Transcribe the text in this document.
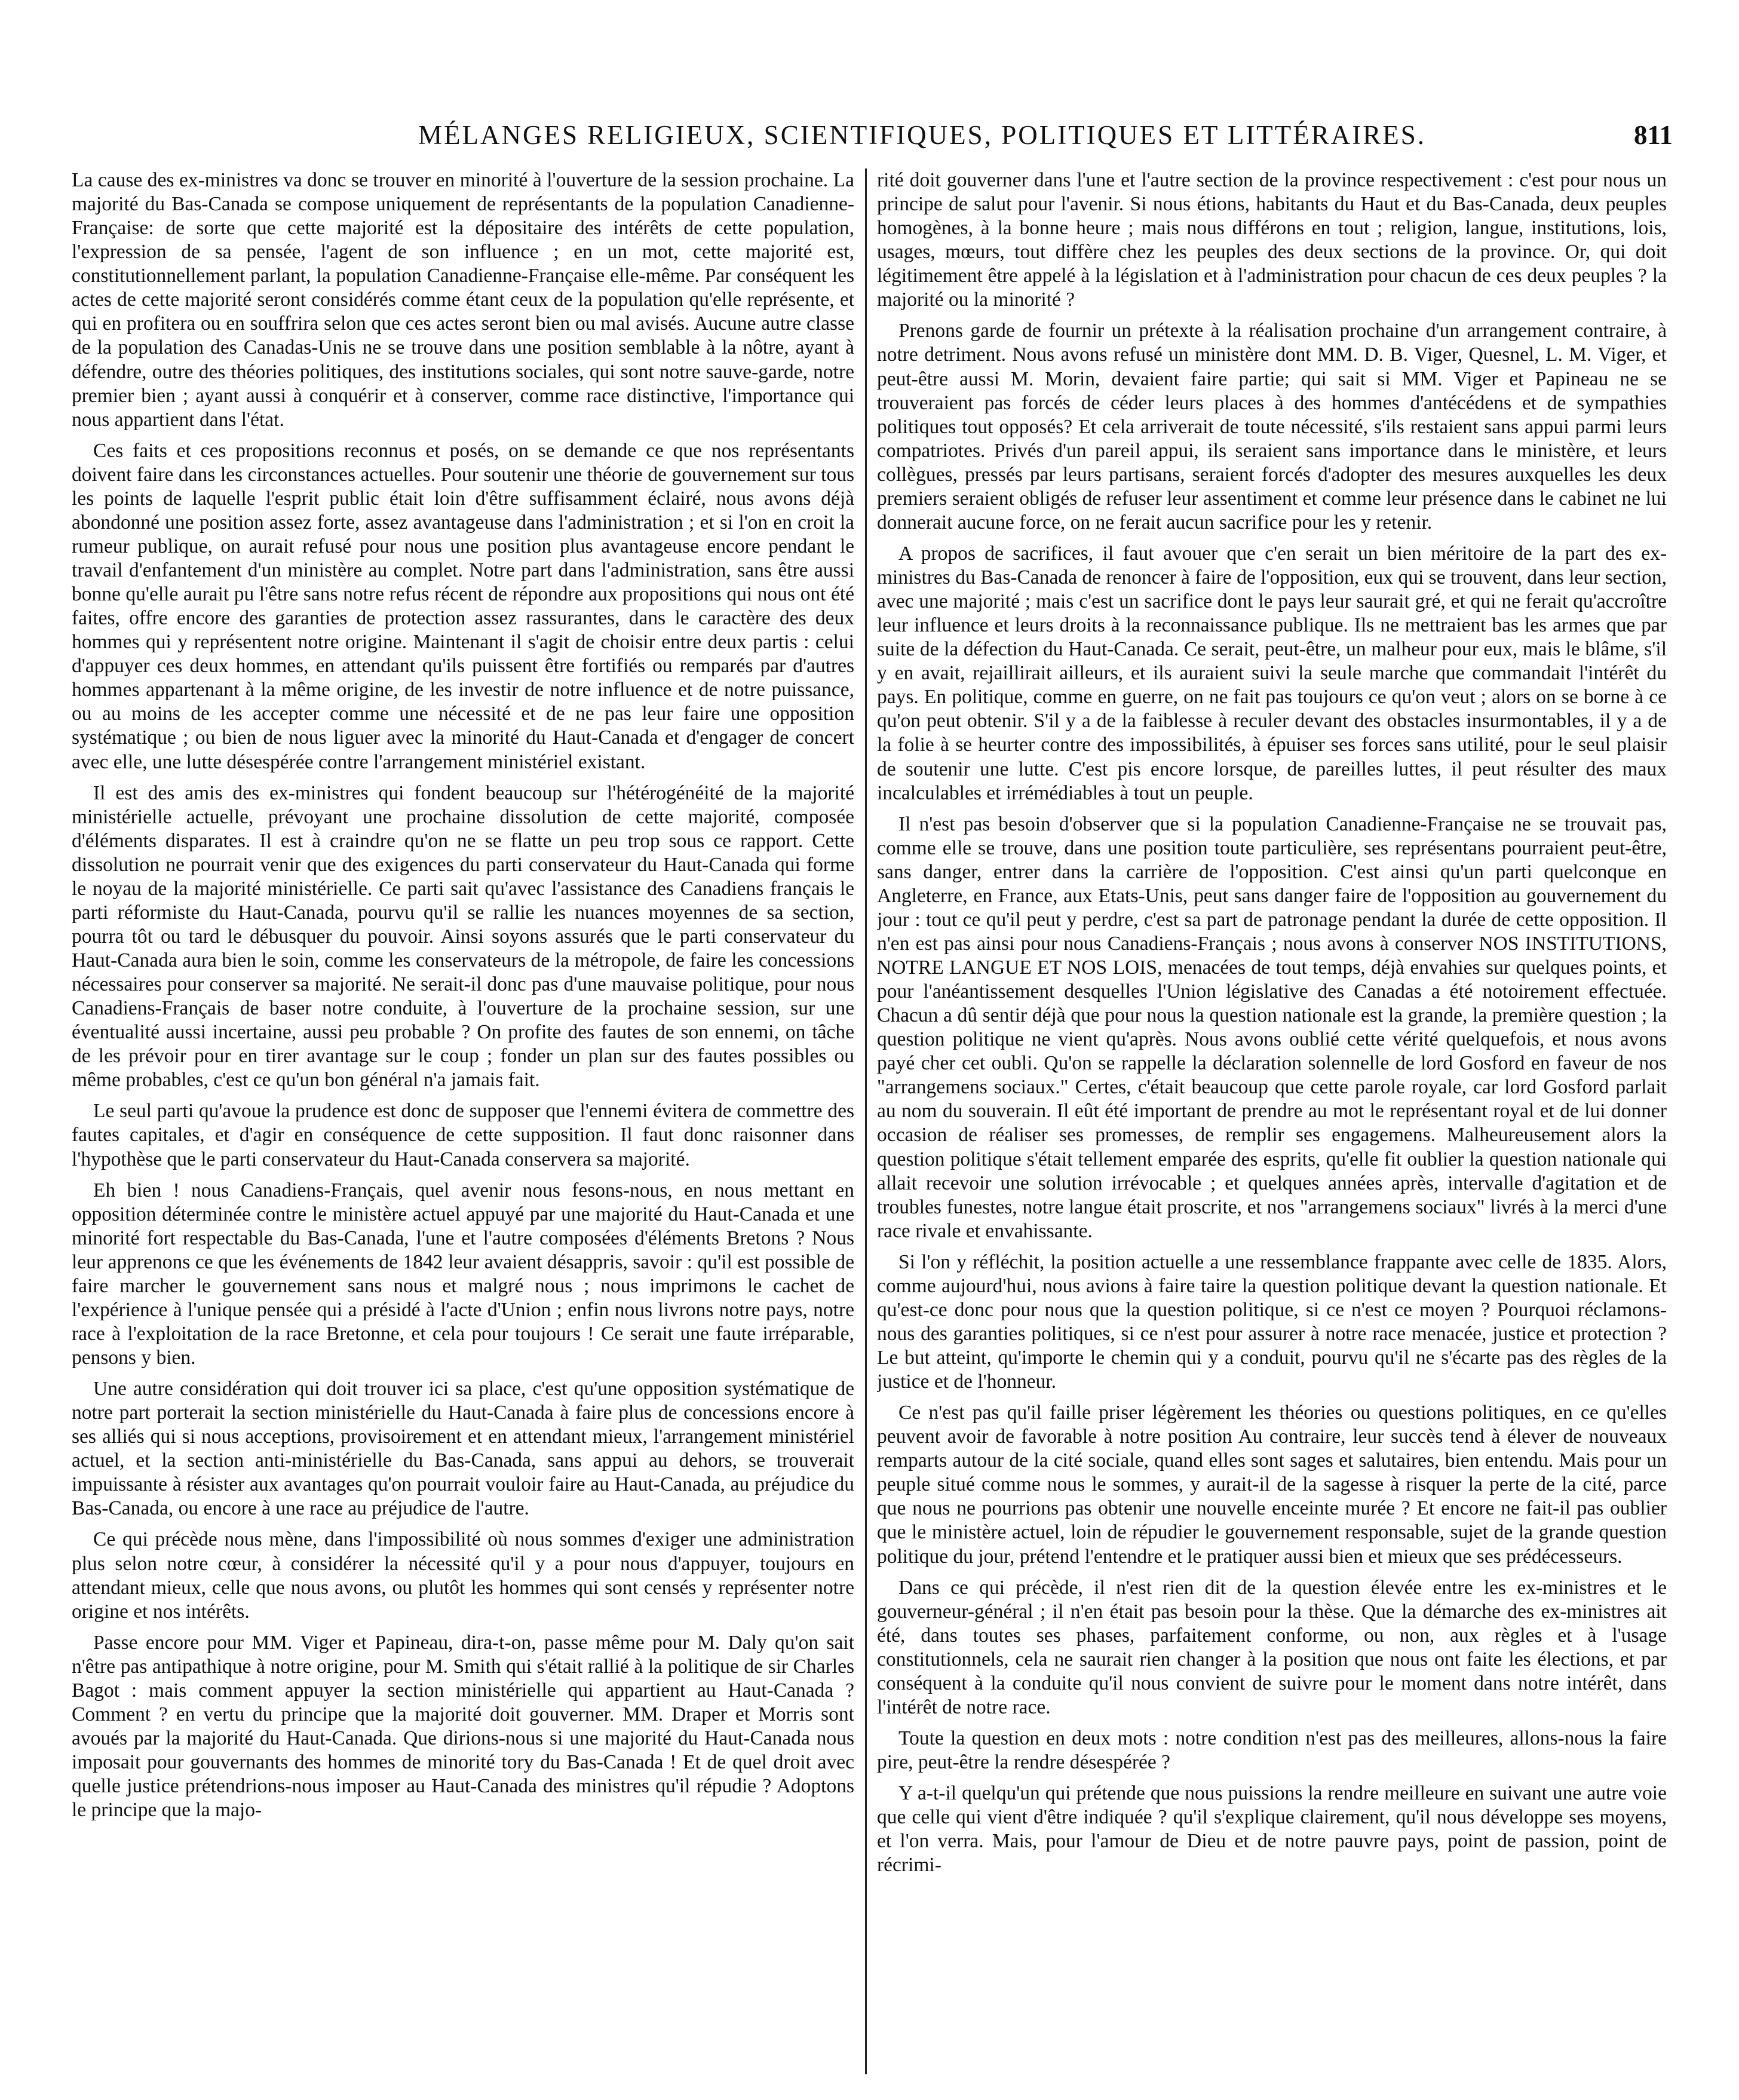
MÉLANGES RELIGIEUX, SCIENTIFIQUES, POLITIQUES ET LITTÉRAIRES.	811

La cause des ex-ministres va donc se trouver en minorité à l'ouverture de la session prochaine. La majorité du Bas-Canada se compose uniquement de représentants de la population Canadienne-Française: de sorte que cette majorité est la dépositaire des intérêts de cette population, l'expression de sa pensée, l'agent de son influence ; en un mot, cette majorité est, constitutionnellement parlant, la population Canadienne-Française elle-même. Par conséquent les actes de cette majorité seront considérés comme étant ceux de la population qu'elle représente, et qui en profitera ou en souffrira selon que ces actes seront bien ou mal avisés. Aucune autre classe de la population des Canadas-Unis ne se trouve dans une position semblable à la nôtre, ayant à défendre, outre des théories politiques, des institutions sociales, qui sont notre sauve-garde, notre premier bien ; ayant aussi à conquérir et à conserver, comme race distinctive, l'importance qui nous appartient dans l'état.

Ces faits et ces propositions reconnus et posés, on se demande ce que nos représentants doivent faire dans les circonstances actuelles. Pour soutenir une théorie de gouvernement sur tous les points de laquelle l'esprit public était loin d'être suffisamment éclairé, nous avons déjà abondonné une position assez forte, assez avantageuse dans l'administration ; et si l'on en croit la rumeur publique, on aurait refusé pour nous une position plus avantageuse encore pendant le travail d'enfantement d'un ministère au complet. Notre part dans l'administration, sans être aussi bonne qu'elle aurait pu l'être sans notre refus récent de répondre aux propositions qui nous ont été faites, offre encore des garanties de protection assez rassurantes, dans le caractère des deux hommes qui y représentent notre origine. Maintenant il s'agit de choisir entre deux partis : celui d'appuyer ces deux hommes, en attendant qu'ils puissent être fortifiés ou remparés par d'autres hommes appartenant à la même origine, de les investir de notre influence et de notre puissance, ou au moins de les accepter comme une nécessité et de ne pas leur faire une opposition systématique ; ou bien de nous liguer avec la minorité du Haut-Canada et d'engager de concert avec elle, une lutte désespérée contre l'arrangement ministériel existant.

Il est des amis des ex-ministres qui fondent beaucoup sur l'hétérogénéité de la majorité ministérielle actuelle, prévoyant une prochaine dissolution de cette majorité, composée d'éléments disparates. Il est à craindre qu'on ne se flatte un peu trop sous ce rapport. Cette dissolution ne pourrait venir que des exigences du parti conservateur du Haut-Canada qui forme le noyau de la majorité ministérielle. Ce parti sait qu'avec l'assistance des Canadiens français le parti réformiste du Haut-Canada, pourvu qu'il se rallie les nuances moyennes de sa section, pourra tôt ou tard le débusquer du pouvoir. Ainsi soyons assurés que le parti conservateur du Haut-Canada aura bien le soin, comme les conservateurs de la métropole, de faire les concessions nécessaires pour conserver sa majorité. Ne serait-il donc pas d'une mauvaise politique, pour nous Canadiens-Français de baser notre conduite, à l'ouverture de la prochaine session, sur une éventualité aussi incertaine, aussi peu probable ? On profite des fautes de son ennemi, on tâche de les prévoir pour en tirer avantage sur le coup ; fonder un plan sur des fautes possibles ou même probables, c'est ce qu'un bon général n'a jamais fait.

Le seul parti qu'avoue la prudence est donc de supposer que l'ennemi évitera de commettre des fautes capitales, et d'agir en conséquence de cette supposition. Il faut donc raisonner dans l'hypothèse que le parti conservateur du Haut-Canada conservera sa majorité.

Eh bien ! nous Canadiens-Français, quel avenir nous fesons-nous, en nous mettant en opposition déterminée contre le ministère actuel appuyé par une majorité du Haut-Canada et une minorité fort respectable du Bas-Canada, l'une et l'autre composées d'éléments Bretons ? Nous leur apprenons ce que les événements de 1842 leur avaient désappris, savoir : qu'il est possible de faire marcher le gouvernement sans nous et malgré nous ; nous imprimons le cachet de l'expérience à l'unique pensée qui a présidé à l'acte d'Union ; enfin nous livrons notre pays, notre race à l'exploitation de la race Bretonne, et cela pour toujours ! Ce serait une faute irréparable, pensons y bien.

Une autre considération qui doit trouver ici sa place, c'est qu'une opposition systématique de notre part porterait la section ministérielle du Haut-Canada à faire plus de concessions encore à ses alliés qui si nous acceptions, provisoirement et en attendant mieux, l'arrangement ministériel actuel, et la section anti-ministérielle du Bas-Canada, sans appui au dehors, se trouverait impuissante à résister aux avantages qu'on pourrait vouloir faire au Haut-Canada, au préjudice du Bas-Canada, ou encore à une race au préjudice de l'autre.

Ce qui précède nous mène, dans l'impossibilité où nous sommes d'exiger une administration plus selon notre cœur, à considérer la nécessité qu'il y a pour nous d'appuyer, toujours en attendant mieux, celle que nous avons, ou plutôt les hommes qui sont censés y représenter notre origine et nos intérêts.

Passe encore pour MM. Viger et Papineau, dira-t-on, passe même pour M. Daly qu'on sait n'être pas antipathique à notre origine, pour M. Smith qui s'était rallié à la politique de sir Charles Bagot : mais comment appuyer la section ministérielle qui appartient au Haut-Canada ? Comment ? en vertu du principe que la majorité doit gouverner. MM. Draper et Morris sont avoués par la majorité du Haut-Canada. Que dirions-nous si une majorité du Haut-Canada nous imposait pour gouvernants des hommes de minorité tory du Bas-Canada ! Et de quel droit avec quelle justice prétendrions-nous imposer au Haut-Canada des ministres qu'il répudie ? Adoptons le principe que la majo-

rité doit gouverner dans l'une et l'autre section de la province respectivement : c'est pour nous un principe de salut pour l'avenir. Si nous étions, habitants du Haut et du Bas-Canada, deux peuples homogènes, à la bonne heure ; mais nous différons en tout ; religion, langue, institutions, lois, usages, mœurs, tout diffère chez les peuples des deux sections de la province. Or, qui doit légitimement être appelé à la législation et à l'administration pour chacun de ces deux peuples ? la majorité ou la minorité ?

Prenons garde de fournir un prétexte à la réalisation prochaine d'un arrangement contraire, à notre detriment. Nous avons refusé un ministère dont MM. D. B. Viger, Quesnel, L. M. Viger, et peut-être aussi M. Morin, devaient faire partie; qui sait si MM. Viger et Papineau ne se trouveraient pas forcés de céder leurs places à des hommes d'antécédens et de sympathies politiques tout opposés? Et cela arriverait de toute nécessité, s'ils restaient sans appui parmi leurs compatriotes. Privés d'un pareil appui, ils seraient sans importance dans le ministère, et leurs collègues, pressés par leurs partisans, seraient forcés d'adopter des mesures auxquelles les deux premiers seraient obligés de refuser leur assentiment et comme leur présence dans le cabinet ne lui donnerait aucune force, on ne ferait aucun sacrifice pour les y retenir.

A propos de sacrifices, il faut avouer que c'en serait un bien méritoire de la part des ex-ministres du Bas-Canada de renoncer à faire de l'opposition, eux qui se trouvent, dans leur section, avec une majorité ; mais c'est un sacrifice dont le pays leur saurait gré, et qui ne ferait qu'accroître leur influence et leurs droits à la reconnaissance publique. Ils ne mettraient bas les armes que par suite de la défection du Haut-Canada. Ce serait, peut-être, un malheur pour eux, mais le blâme, s'il y en avait, rejaillirait ailleurs, et ils auraient suivi la seule marche que commandait l'intérêt du pays. En politique, comme en guerre, on ne fait pas toujours ce qu'on veut ; alors on se borne à ce qu'on peut obtenir. S'il y a de la faiblesse à reculer devant des obstacles insurmontables, il y a de la folie à se heurter contre des impossibilités, à épuiser ses forces sans utilité, pour le seul plaisir de soutenir une lutte. C'est pis encore lorsque, de pareilles luttes, il peut résulter des maux incalculables et irrémédiables à tout un peuple.

Il n'est pas besoin d'observer que si la population Canadienne-Française ne se trouvait pas, comme elle se trouve, dans une position toute particulière, ses représentans pourraient peut-être, sans danger, entrer dans la carrière de l'opposition. C'est ainsi qu'un parti quelconque en Angleterre, en France, aux Etats-Unis, peut sans danger faire de l'opposition au gouvernement du jour : tout ce qu'il peut y perdre, c'est sa part de patronage pendant la durée de cette opposition. Il n'en est pas ainsi pour nous Canadiens-Français ; nous avons à conserver NOS INSTITUTIONS, NOTRE LANGUE ET NOS LOIS, menacées de tout temps, déjà envahies sur quelques points, et pour l'anéantissement desquelles l'Union législative des Canadas a été notoirement effectuée. Chacun a dû sentir déjà que pour nous la question nationale est la grande, la première question ; la question politique ne vient qu'après. Nous avons oublié cette vérité quelquefois, et nous avons payé cher cet oubli. Qu'on se rappelle la déclaration solennelle de lord Gosford en faveur de nos "arrangemens sociaux." Certes, c'était beaucoup que cette parole royale, car lord Gosford parlait au nom du souverain. Il eût été important de prendre au mot le représentant royal et de lui donner occasion de réaliser ses promesses, de remplir ses engagemens. Malheureusement alors la question politique s'était tellement emparée des esprits, qu'elle fit oublier la question nationale qui allait recevoir une solution irrévocable ; et quelques années après, intervalle d'agitation et de troubles funestes, notre langue était proscrite, et nos "arrangemens sociaux" livrés à la merci d'une race rivale et envahissante.

Si l'on y réfléchit, la position actuelle a une ressemblance frappante avec celle de 1835. Alors, comme aujourd'hui, nous avions à faire taire la question politique devant la question nationale. Et qu'est-ce donc pour nous que la question politique, si ce n'est ce moyen ? Pourquoi réclamons-nous des garanties politiques, si ce n'est pour assurer à notre race menacée, justice et protection ? Le but atteint, qu'importe le chemin qui y a conduit, pourvu qu'il ne s'écarte pas des règles de la justice et de l'honneur.

Ce n'est pas qu'il faille priser légèrement les théories ou questions politiques, en ce qu'elles peuvent avoir de favorable à notre position Au contraire, leur succès tend à élever de nouveaux remparts autour de la cité sociale, quand elles sont sages et salutaires, bien entendu. Mais pour un peuple situé comme nous le sommes, y aurait-il de la sagesse à risquer la perte de la cité, parce que nous ne pourrions pas obtenir une nouvelle enceinte murée ? Et encore ne fait-il pas oublier que le ministère actuel, loin de répudier le gouvernement responsable, sujet de la grande question politique du jour, prétend l'entendre et le pratiquer aussi bien et mieux que ses prédécesseurs.

Dans ce qui précède, il n'est rien dit de la question élevée entre les ex-ministres et le gouverneur-général ; il n'en était pas besoin pour la thèse. Que la démarche des ex-ministres ait été, dans toutes ses phases, parfaitement conforme, ou non, aux règles et à l'usage constitutionnels, cela ne saurait rien changer à la position que nous ont faite les élections, et par conséquent à la conduite qu'il nous convient de suivre pour le moment dans notre intérêt, dans l'intérêt de notre race.

Toute la question en deux mots : notre condition n'est pas des meilleures, allons-nous la faire pire, peut-être la rendre désespérée ?

Y a-t-il quelqu'un qui prétende que nous puissions la rendre meilleure en suivant une autre voie que celle qui vient d'être indiquée ? qu'il s'explique clairement, qu'il nous développe ses moyens, et l'on verra. Mais, pour l'amour de Dieu et de notre pauvre pays, point de passion, point de récrimi-
